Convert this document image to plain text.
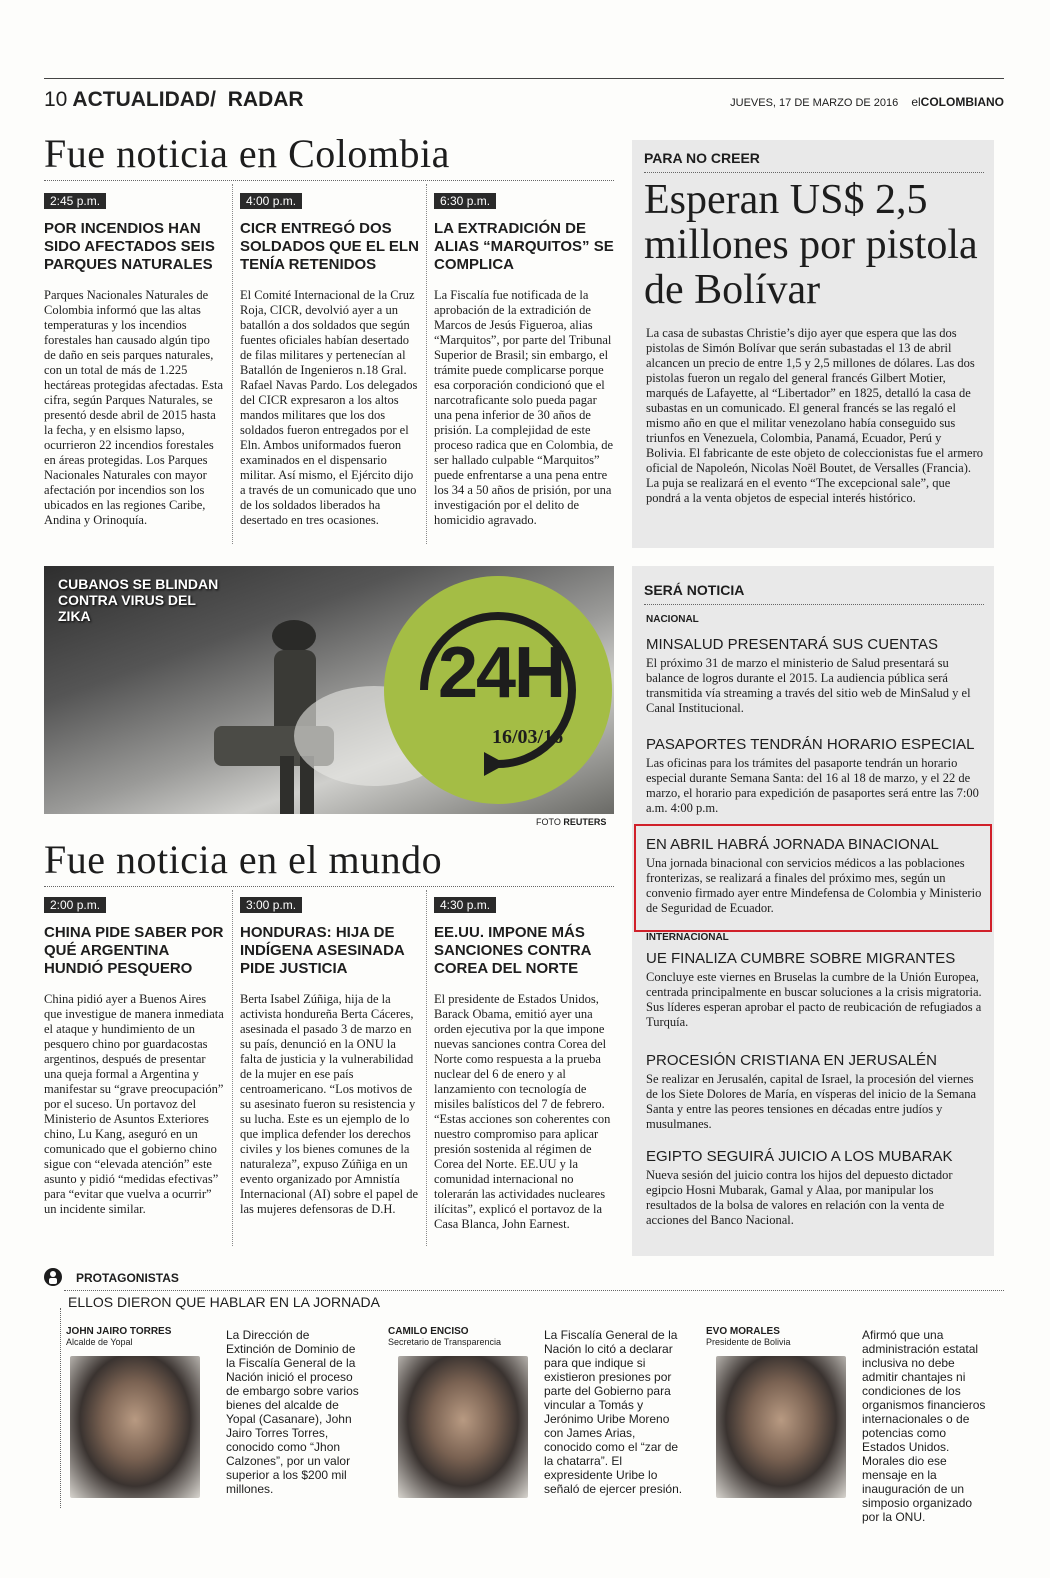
10 ACTUALIDAD/ RADAR	JUEVES, 17 DE MARZO DE 2016 elCOLOMBIANO
Fue noticia en Colombia
2:45 p.m.
POR INCENDIOS HAN SIDO AFECTADOS SEIS PARQUES NATURALES
Parques Nacionales Naturales de Colombia informó que las altas temperaturas y los incendios forestales han causado algún tipo de daño en seis parques naturales, con un total de más de 1.225 hectáreas protegidas afectadas. Esta cifra, según Parques Naturales, se presentó desde abril de 2015 hasta la fecha, y en elsismo lapso, ocurrieron 22 incendios forestales en áreas protegidas. Los Parques Nacionales Naturales con mayor afectación por incendios son los ubicados en las regiones Caribe, Andina y Orinoquía.
4:00 p.m.
CICR ENTREGÓ DOS SOLDADOS QUE EL ELN TENÍA RETENIDOS
El Comité Internacional de la Cruz Roja, CICR, devolvió ayer a un batallón a dos soldados que según fuentes oficiales habían desertado de filas militares y pertenecían al Batallón de Ingenieros n.18 Gral. Rafael Navas Pardo. Los delegados del CICR expresaron a los altos mandos militares que los dos soldados fueron entregados por el Eln. Ambos uniformados fueron examinados en el dispensario militar. Así mismo, el Ejército dijo a través de un comunicado que uno de los soldados liberados ha desertado en tres ocasiones.
6:30 p.m.
LA EXTRADICIÓN DE ALIAS “MARQUITOS” SE COMPLICA
La Fiscalía fue notificada de la aprobación de la extradición de Marcos de Jesús Figueroa, alias “Marquitos”, por parte del Tribunal Superior de Brasil; sin embargo, el trámite puede complicarse porque esa corporación condicionó que el narcotraficante solo pueda pagar una pena inferior de 30 años de prisión. La complejidad de este proceso radica que en Colombia, de ser hallado culpable “Marquitos” puede enfrentarse a una pena entre los 34 a 50 años de prisión, por una investigación por el delito de homicidio agravado.
PARA NO CREER
Esperan US$ 2,5 millones por pistola de Bolívar
La casa de subastas Christie’s dijo ayer que espera que las dos pistolas de Simón Bolívar que serán subastadas el 13 de abril alcancen un precio de entre 1,5 y 2,5 millones de dólares. Las dos pistolas fueron un regalo del general francés Gilbert Motier, marqués de Lafayette, al “Libertador” en 1825, detalló la casa de subastas en un comunicado. El general francés se las regaló el mismo año en que el militar venezolano había conseguido sus triunfos en Venezuela, Colombia, Panamá, Ecuador, Perú y Bolivia. El fabricante de este objeto de coleccionistas fue el armero oficial de Napoleón, Nicolas Noël Boutet, de Versalles (Francia). La puja se realizará en el evento “The excepcional sale”, que pondrá a la venta objetos de especial interés histórico.
CUBANOS SE BLINDAN CONTRA VIRUS DEL ZIKA
24H
16/03/16
FOTO REUTERS
SERÁ NOTICIA
NACIONAL
MINSALUD PRESENTARÁ SUS CUENTAS
El próximo 31 de marzo el ministerio de Salud presentará su balance de logros durante el 2015. La audiencia pública será transmitida vía streaming a través del sitio web de MinSalud y el Canal Institucional.
PASAPORTES TENDRÁN HORARIO ESPECIAL
Las oficinas para los trámites del pasaporte tendrán un horario especial durante Semana Santa: del 16 al 18 de marzo, y el 22 de marzo, el horario para expedición de pasaportes será entre las 7:00 a.m. 4:00 p.m.
EN ABRIL HABRÁ JORNADA BINACIONAL
Una jornada binacional con servicios médicos a las poblaciones fronterizas, se realizará a finales del próximo mes, según un convenio firmado ayer entre Mindefensa de Colombia y Ministerio de Seguridad de Ecuador.
INTERNACIONAL
UE FINALIZA CUMBRE SOBRE MIGRANTES
Concluye este viernes en Bruselas la cumbre de la Unión Europea, centrada principalmente en buscar soluciones a la crisis migratoria. Sus líderes esperan aprobar el pacto de reubicación de refugiados a Turquía.
PROCESIÓN CRISTIANA EN JERUSALÉN
Se realizar en Jerusalén, capital de Israel, la procesión del viernes de los Siete Dolores de María, en vísperas del inicio de la Semana Santa y entre las peores tensiones en décadas entre judíos y musulmanes.
EGIPTO SEGUIRÁ JUICIO A LOS MUBARAK
Nueva sesión del juicio contra los hijos del depuesto dictador egipcio Hosni Mubarak, Gamal y Alaa, por manipular los resultados de la bolsa de valores en relación con la venta de acciones del Banco Nacional.
Fue noticia en el mundo
2:00 p.m.
CHINA PIDE SABER POR QUÉ ARGENTINA HUNDIÓ PESQUERO
China pidió ayer a Buenos Aires que investigue de manera inmediata el ataque y hundimiento de un pesquero chino por guardacostas argentinos, después de presentar una queja formal a Argentina y manifestar su “grave preocupación” por el suceso. Un portavoz del Ministerio de Asuntos Exteriores chino, Lu Kang, aseguró en un comunicado que el gobierno chino sigue con “elevada atención” este asunto y pidió “medidas efectivas” para “evitar que vuelva a ocurrir” un incidente similar.
3:00 p.m.
HONDURAS: HIJA DE INDÍGENA ASESINADA PIDE JUSTICIA
Berta Isabel Zúñiga, hija de la activista hondureña Berta Cáceres, asesinada el pasado 3 de marzo en su país, denunció en la ONU la falta de justicia y la vulnerabilidad de la mujer en ese país centroamericano. “Los motivos de su asesinato fueron su resistencia y su lucha. Este es un ejemplo de lo que implica defender los derechos civiles y los bienes comunes de la naturaleza”, expuso Zúñiga en un evento organizado por Amnistía Internacional (AI) sobre el papel de las mujeres defensoras de D.H.
4:30 p.m.
EE.UU. IMPONE MÁS SANCIONES CONTRA COREA DEL NORTE
El presidente de Estados Unidos, Barack Obama, emitió ayer una orden ejecutiva por la que impone nuevas sanciones contra Corea del Norte como respuesta a la prueba nuclear del 6 de enero y al lanzamiento con tecnología de misiles balísticos del 7 de febrero. “Estas acciones son coherentes con nuestro compromiso para aplicar presión sostenida al régimen de Corea del Norte. EE.UU y la comunidad internacional no tolerarán las actividades nucleares ilícitas”, explicó el portavoz de la Casa Blanca, John Earnest.
PROTAGONISTAS
ELLOS DIERON QUE HABLAR EN LA JORNADA
JOHN JAIRO TORRES
Alcalde de Yopal	La Dirección de Extinción de Dominio de la Fiscalía General de la Nación inició el proceso de embargo sobre varios bienes del alcalde de Yopal (Casanare), John Jairo Torres Torres, conocido como “Jhon Calzones”, por un valor superior a los $200 mil millones.
CAMILO ENCISO
Secretario de Transparencia	La Fiscalía General de la Nación lo citó a declarar para que indique si existieron presiones por parte del Gobierno para vincular a Tomás y Jerónimo Uribe Moreno con James Arias, conocido como el “zar de la chatarra”. El expresidente Uribe lo señaló de ejercer presión.
EVO MORALES
Presidente de Bolivia	Afirmó que una administración estatal inclusiva no debe admitir chantajes ni condiciones de los organismos financieros internacionales o de potencias como Estados Unidos. Morales dio ese mensaje en la inauguración de un simposio organizado por la ONU.
